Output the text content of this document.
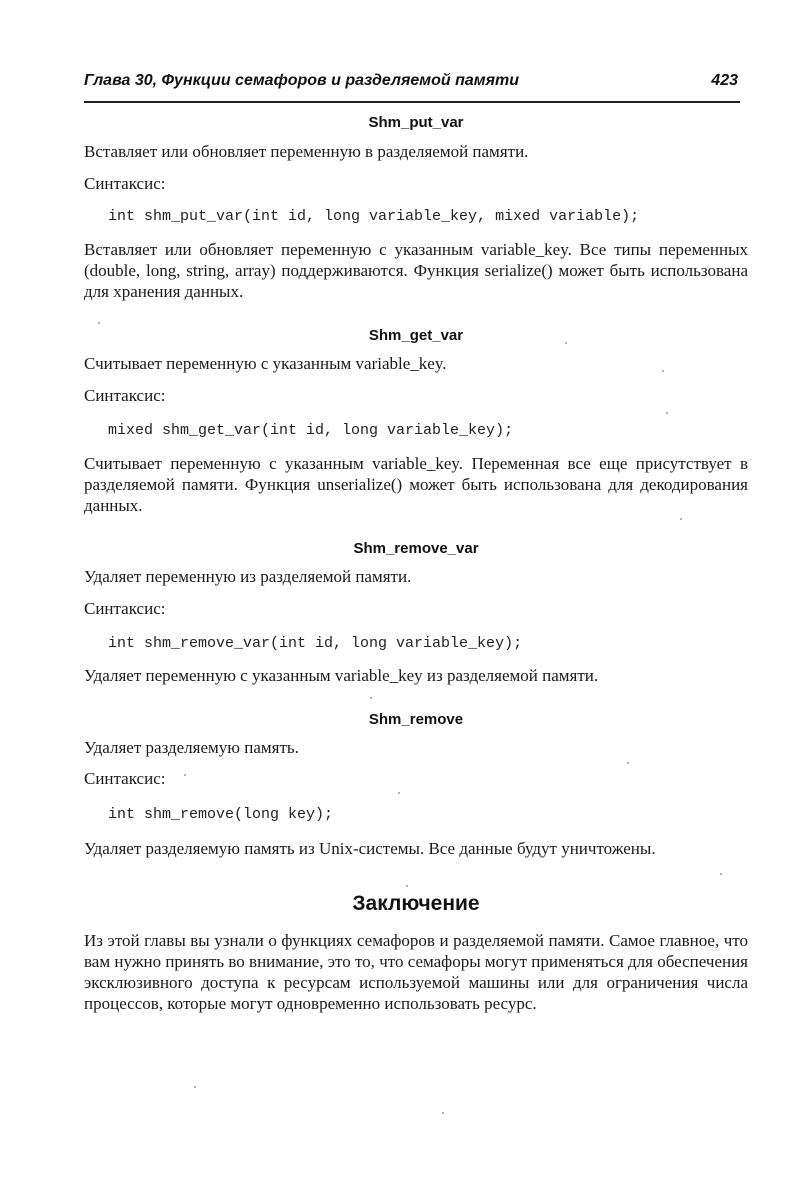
Глава 30, Функции семафоров и разделяемой памяти	423
Shm_put_var
Вставляет или обновляет переменную в разделяемой памяти.
Синтаксис:
int shm_put_var(int id, long variable_key, mixed variable);
Вставляет или обновляет переменную с указанным variable_key. Все типы переменных (double, long, string, array) поддерживаются. Функция serialize() может быть использована для хранения данных.
Shm_get_var
Считывает переменную с указанным variable_key.
Синтаксис:
mixed shm_get_var(int id, long variable_key);
Считывает переменную с указанным variable_key. Переменная все еще присутствует в разделяемой памяти. Функция unserialize() может быть использована для декодирования данных.
Shm_remove_var
Удаляет переменную из разделяемой памяти.
Синтаксис:
int shm_remove_var(int id, long variable_key);
Удаляет переменную с указанным variable_key из разделяемой памяти.
Shm_remove
Удаляет разделяемую память.
Синтаксис:
int shm_remove(long key);
Удаляет разделяемую память из Unix-системы. Все данные будут уничтожены.
Заключение
Из этой главы вы узнали о функциях семафоров и разделяемой памяти. Самое главное, что вам нужно принять во внимание, это то, что семафоры могут применяться для обеспечения эксклюзивного доступа к ресурсам используемой машины или для ограничения числа процессов, которые могут одновременно использовать ресурс.
